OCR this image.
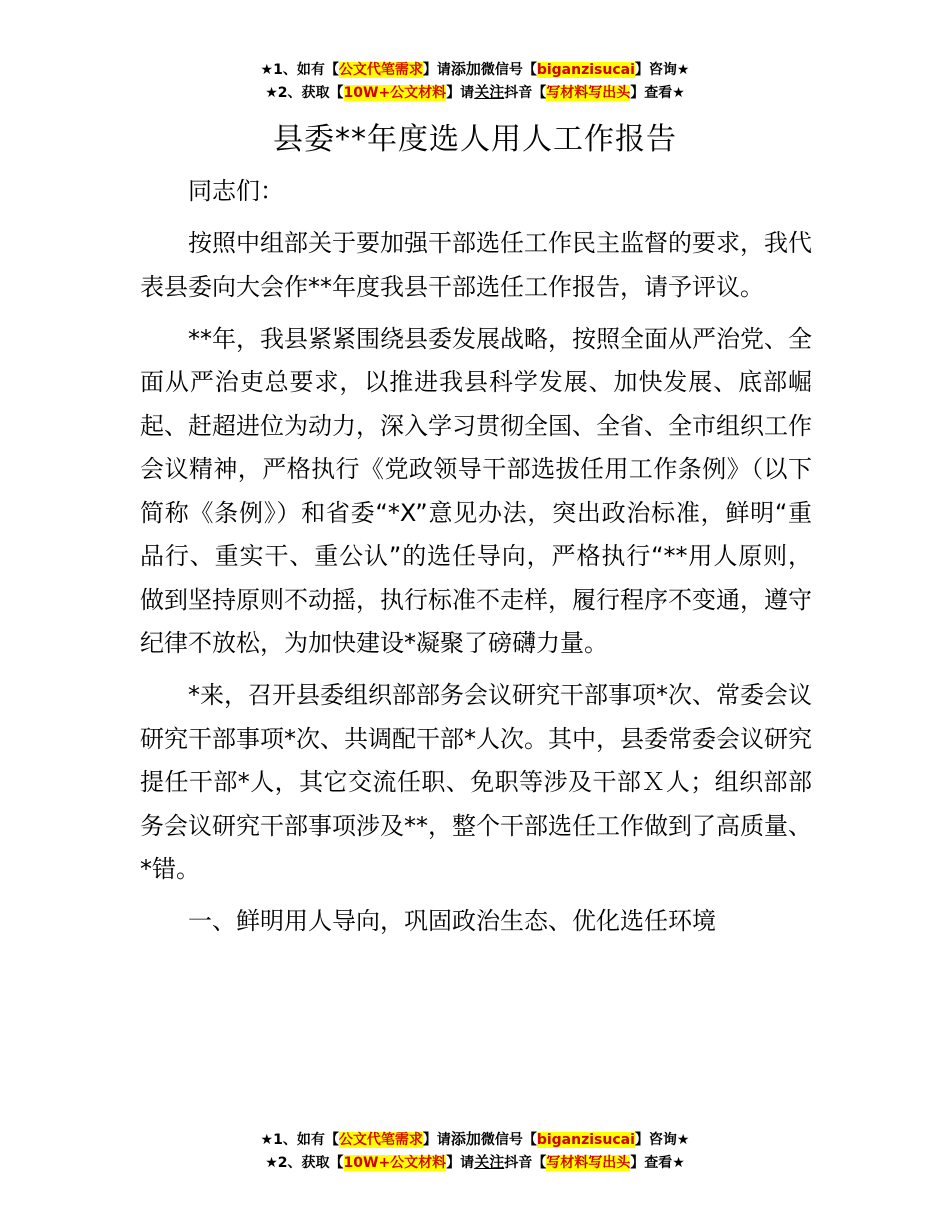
★1、如有【公文代笔需求】请添加微信号【biganzisucai】咨询★
★2、获取【10W+公文材料】请关注抖音【写材料写出头】查看★
县委**年度选人用人工作报告

同志们：

按照中组部关于要加强干部选任工作民主监督的要求，我代表县委向大会作**年度我县干部选任工作报告，请予评议。

**年，我县紧紧围绕县委发展战略，按照全面从严治党、全面从严治吏总要求，以推进我县科学发展、加快发展、底部崛起、赶超进位为动力，深入学习贯彻全国、全省、全市组织工作会议精神，严格执行《党政领导干部选拔任用工作条例》（以下简称《条例》）和省委“*X”意见办法，突出政治标准，鲜明“重品行、重实干、重公认”的选任导向，严格执行“**用人原则，做到坚持原则不动摇，执行标准不走样，履行程序不变通，遵守纪律不放松，为加快建设*凝聚了磅礴力量。

*来，召开县委组织部部务会议研究干部事项*次、常委会议研究干部事项*次、共调配干部*人次。其中，县委常委会议研究提任干部*人，其它交流任职、免职等涉及干部Ｘ人；组织部部务会议研究干部事项涉及**，整个干部选任工作做到了高质量、*错。

一、鲜明用人导向，巩固政治生态、优化选任环境

★1、如有【公文代笔需求】请添加微信号【biganzisucai】咨询★
★2、获取【10W+公文材料】请关注抖音【写材料写出头】查看★
